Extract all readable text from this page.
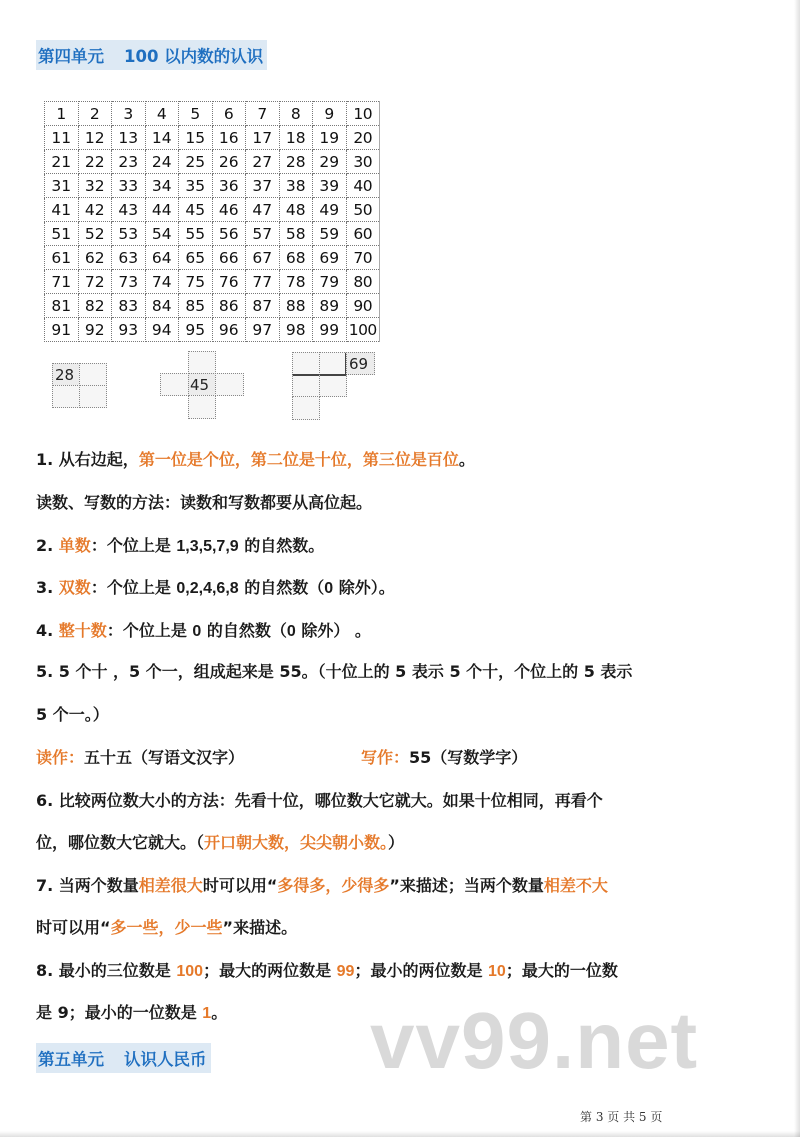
第四单元 100 以内数的认识
1	2	3	4	5	6	7	8	9	10
11	12	13	14	15	16	17	18	19	20
21	22	23	24	25	26	27	28	29	30
31	32	33	34	35	36	37	38	39	40
41	42	43	44	45	46	47	48	49	50
51	52	53	54	55	56	57	58	59	60
61	62	63	64	65	66	67	68	69	70
71	72	73	74	75	76	77	78	79	80
81	82	83	84	85	86	87	88	89	90
91	92	93	94	95	96	97	98	99	100
28
45
69
1. 从右边起，第一位是个位，第二位是十位，第三位是百位。
读数、写数的方法：读数和写数都要从高位起。
2. 单数：个位上是 1,3,5,7,9 的自然数。
3. 双数：个位上是 0,2,4,6,8 的自然数（0 除外）。
4. 整十数：个位上是 0 的自然数（0 除外） 。
5. 5 个十 ，5 个一，组成起来是 55。（十位上的 5 表示 5 个十，个位上的 5 表示
5 个一。）
读作：五十五（写语文汉字）	写作：55（写数学字）
6. 比较两位数大小的方法：先看十位，哪位数大它就大。如果十位相同，再看个
位，哪位数大它就大。（开口朝大数，尖尖朝小数。）
7. 当两个数量相差很大时可以用“多得多，少得多”来描述；当两个数量相差不大
时可以用“多一些，少一些”来描述。
8. 最小的三位数是 100；最大的两位数是 99；最小的两位数是 10；最大的一位数
是 9；最小的一位数是 1。 vv99.net
第五单元 认识人民币
第 3 页 共 5 页
